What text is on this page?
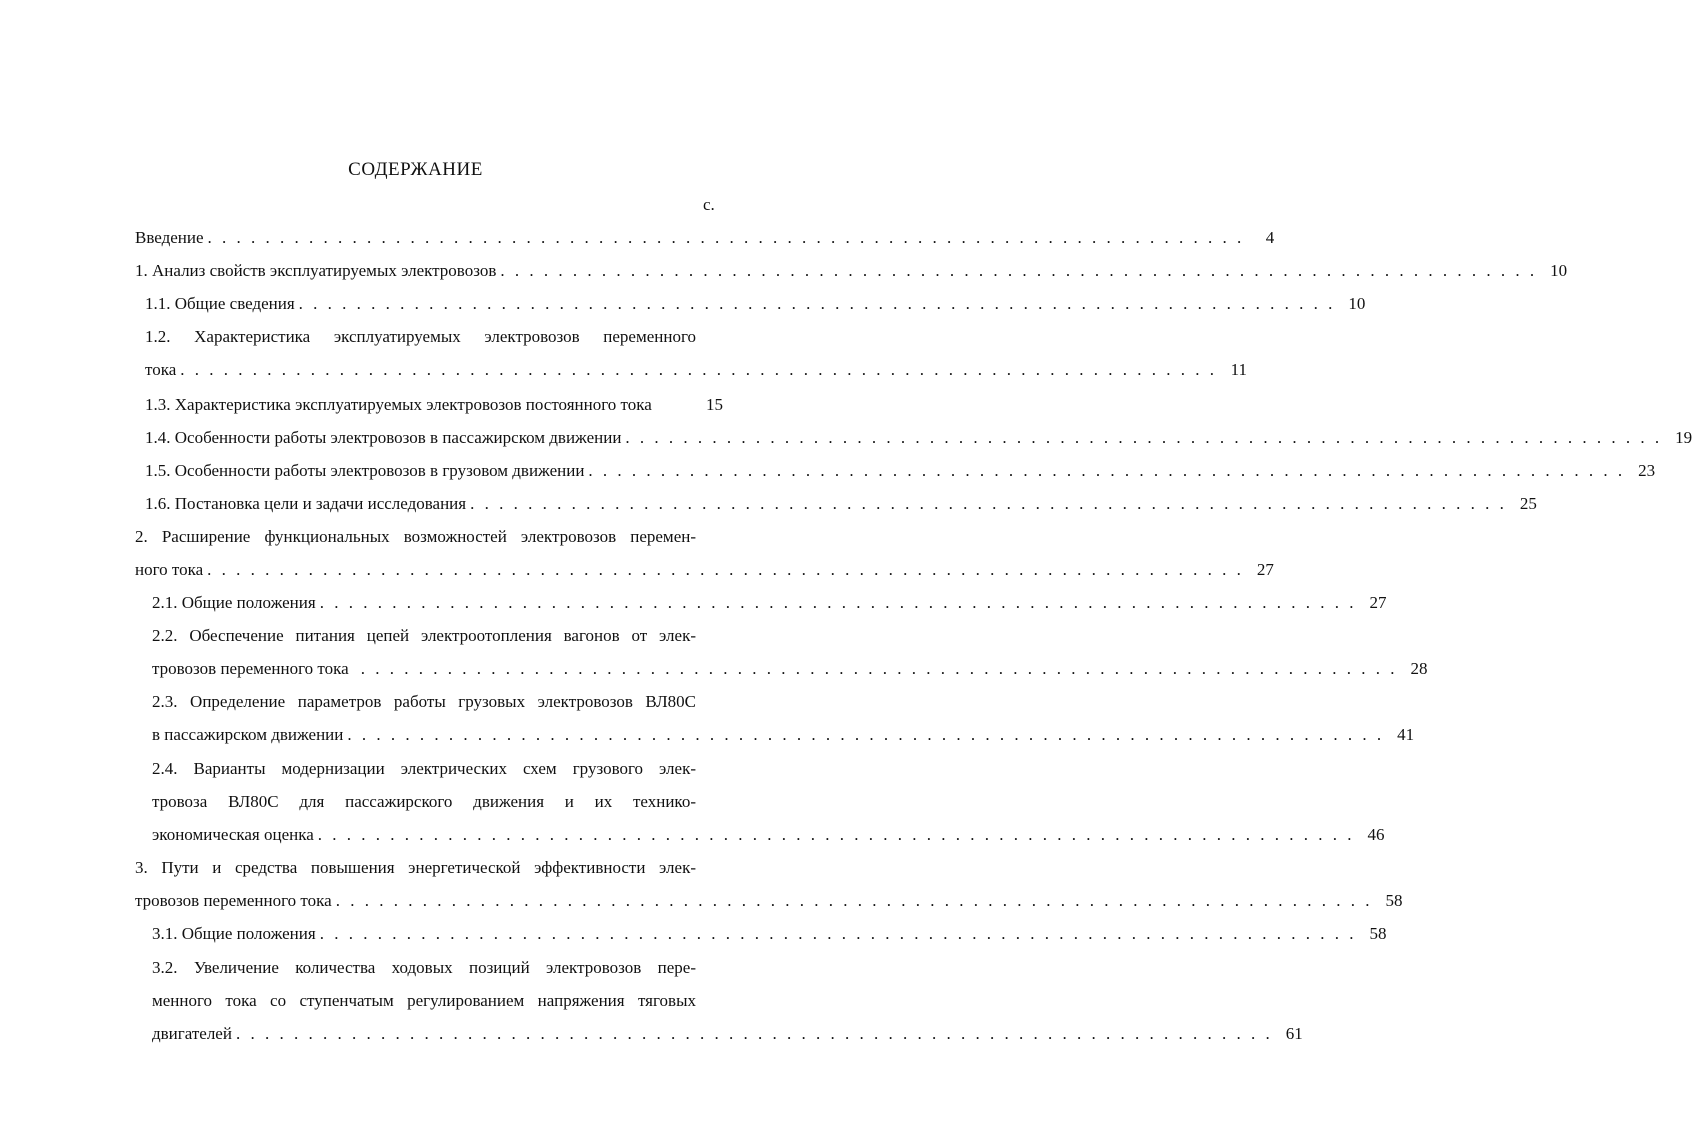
СОДЕРЖАНИЕ
с.
Введение . . . . . . . . . . . . . . . . . . . . . . . . . . . . . . . . . . . . . . . . . . . . . . . . . . . . . . . . . . . . . . . . . . . . . . . .	4
1. Анализ свойств эксплуатируемых электровозов . . . . . . . . . . . . . . . . . . . . . . . . . . . . . . . . . . . . . . . . . . . . . . . . . . . . . . . . . . . . . . . . . . . . . . . . 10
1.1. Общие сведения . . . . . . . . . . . . . . . . . . . . . . . . . . . . . . . . . . . . . . . . . . . . . . . . . . . . . . . . . . . . . . . . . . . . . . . . 10
1.2. Характеристика эксплуатируемых электровозов переменного
тока . . . . . . . . . . . . . . . . . . . . . . . . . . . . . . . . . . . . . . . . . . . . . . . . . . . . . . . . . . . . . . . . . . . . . . . . 11
1.3. Характеристика эксплуатируемых электровозов постоянного тока	15
1.4. Особенности работы электровозов в пассажирском движении . . . . . . . . . . . . . . . . . . . . . . . . . . . . . . . . . . . . . . . . . . . . . . . . . . . . . . . . . . . . . . . . . . . . . . . . 19
1.5. Особенности работы электровозов в грузовом движении . . . . . . . . . . . . . . . . . . . . . . . . . . . . . . . . . . . . . . . . . . . . . . . . . . . . . . . . . . . . . . . . . . . . . . . . 23
1.6. Постановка цели и задачи исследования . . . . . . . . . . . . . . . . . . . . . . . . . . . . . . . . . . . . . . . . . . . . . . . . . . . . . . . . . . . . . . . . . . . . . . . . 25
2. Расширение функциональных возможностей электровозов перемен-
ного тока . . . . . . . . . . . . . . . . . . . . . . . . . . . . . . . . . . . . . . . . . . . . . . . . . . . . . . . . . . . . . . . . . . . . . . . . 27
2.1. Общие положения . . . . . . . . . . . . . . . . . . . . . . . . . . . . . . . . . . . . . . . . . . . . . . . . . . . . . . . . . . . . . . . . . . . . . . . . 27
2.2. Обеспечение питания цепей электроотопления вагонов от элек-
тровозов переменного тока . . . . . . . . . . . . . . . . . . . . . . . . . . . . . . . . . . . . . . . . . . . . . . . . . . . . . . . . . . . . . . . . . . . . . . . . 28
2.3. Определение параметров работы грузовых электровозов ВЛ80С
в пассажирском движении . . . . . . . . . . . . . . . . . . . . . . . . . . . . . . . . . . . . . . . . . . . . . . . . . . . . . . . . . . . . . . . . . . . . . . . . 41
2.4. Варианты модернизации электрических схем грузового элек-
тровоза ВЛ80С для пассажирского движения и их технико-
экономическая оценка . . . . . . . . . . . . . . . . . . . . . . . . . . . . . . . . . . . . . . . . . . . . . . . . . . . . . . . . . . . . . . . . . . . . . . . . 46
3. Пути и средства повышения энергетической эффективности элек-
тровозов переменного тока . . . . . . . . . . . . . . . . . . . . . . . . . . . . . . . . . . . . . . . . . . . . . . . . . . . . . . . . . . . . . . . . . . . . . . . . 58
3.1. Общие положения . . . . . . . . . . . . . . . . . . . . . . . . . . . . . . . . . . . . . . . . . . . . . . . . . . . . . . . . . . . . . . . . . . . . . . . . 58
3.2. Увеличение количества ходовых позиций электровозов пере-
менного тока со ступенчатым регулированием напряжения тяговых
двигателей . . . . . . . . . . . . . . . . . . . . . . . . . . . . . . . . . . . . . . . . . . . . . . . . . . . . . . . . . . . . . . . . . . . . . . . . 61
